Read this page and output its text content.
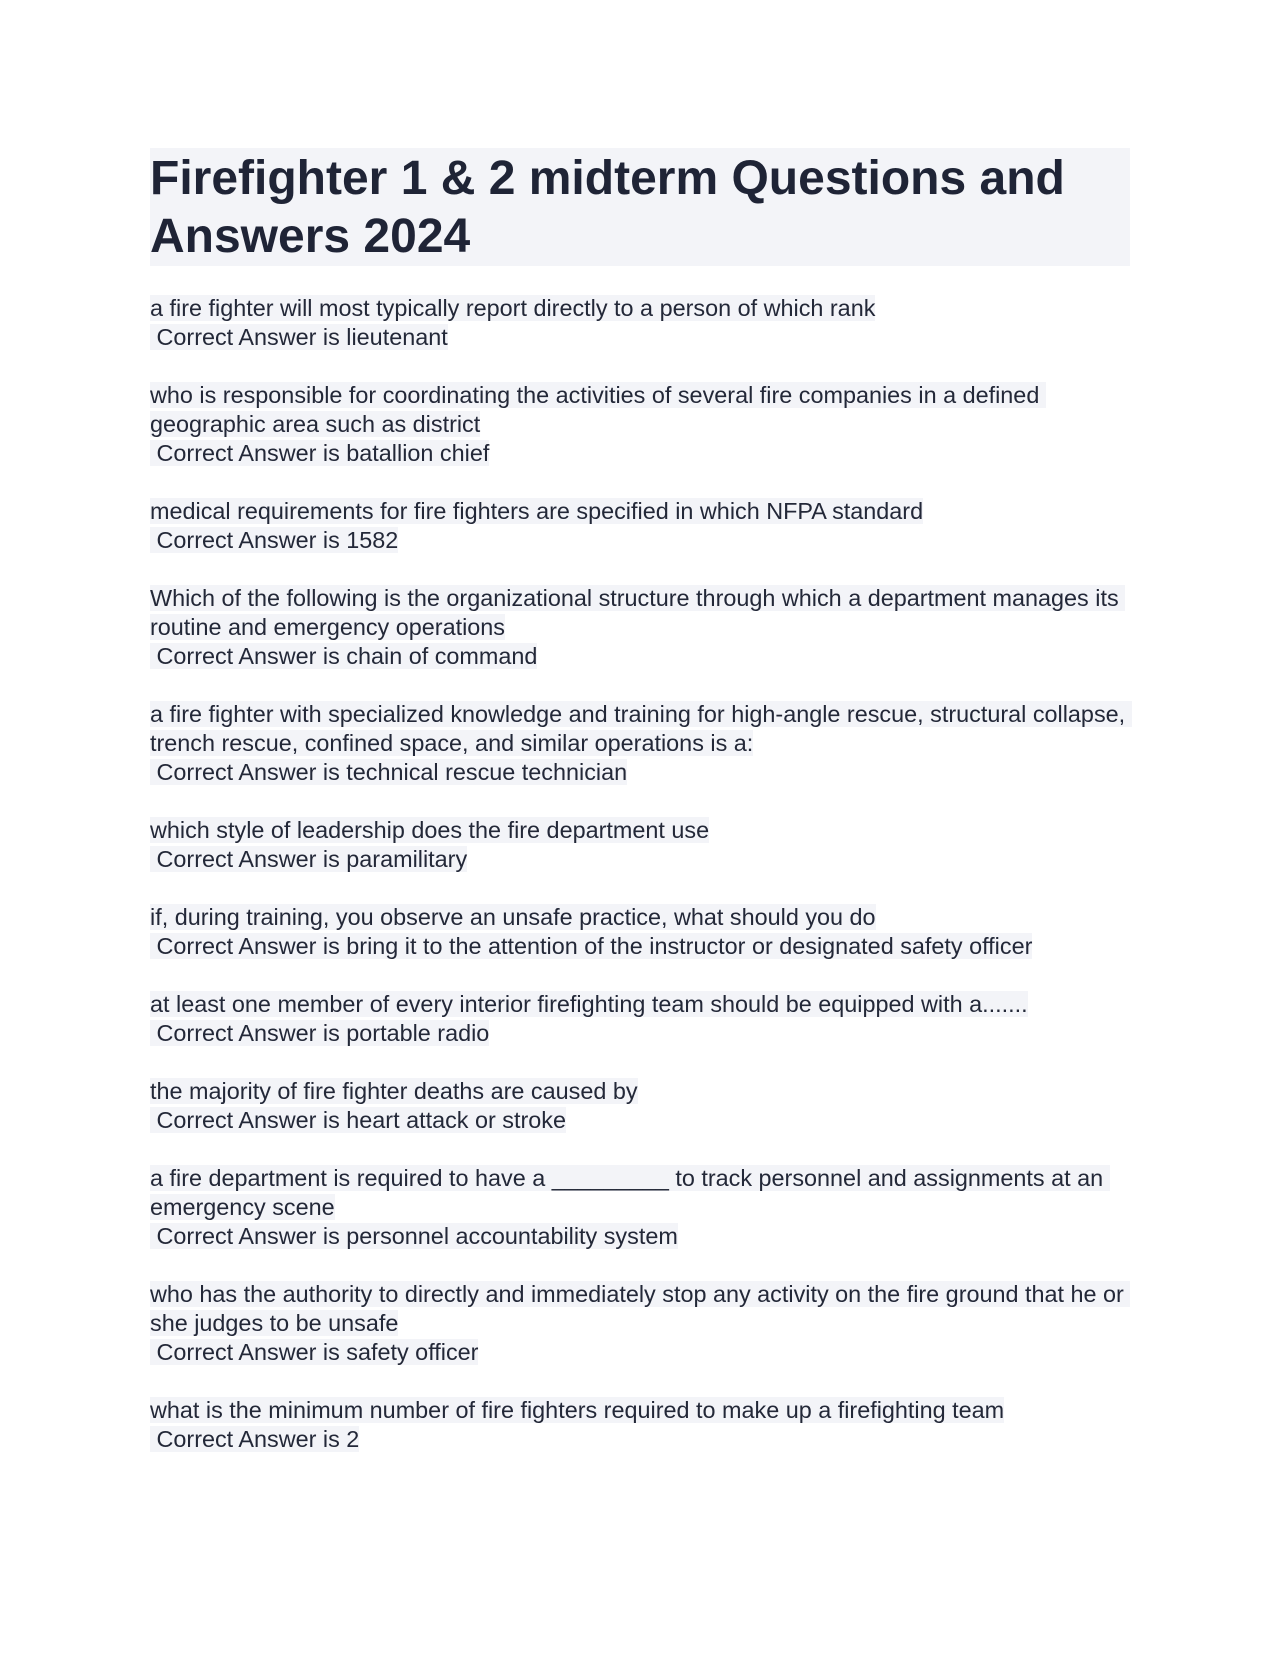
Firefighter 1 & 2 midterm Questions and Answers 2024
a fire fighter will most typically report directly to a person of which rank
Correct Answer is lieutenant
who is responsible for coordinating the activities of several fire companies in a defined geographic area such as district
Correct Answer is batallion chief
medical requirements for fire fighters are specified in which NFPA standard
Correct Answer is 1582
Which of the following is the organizational structure through which a department manages its routine and emergency operations
Correct Answer is chain of command
a fire fighter with specialized knowledge and training for high-angle rescue, structural collapse, trench rescue, confined space, and similar operations is a:
Correct Answer is technical rescue technician
which style of leadership does the fire department use
Correct Answer is paramilitary
if, during training, you observe an unsafe practice, what should you do
Correct Answer is bring it to the attention of the instructor or designated safety officer
at least one member of every interior firefighting team should be equipped with a.......
Correct Answer is portable radio
the majority of fire fighter deaths are caused by
Correct Answer is heart attack or stroke
a fire department is required to have a _________ to track personnel and assignments at an emergency scene
Correct Answer is personnel accountability system
who has the authority to directly and immediately stop any activity on the fire ground that he or she judges to be unsafe
Correct Answer is safety officer
what is the minimum number of fire fighters required to make up a firefighting team
Correct Answer is 2
